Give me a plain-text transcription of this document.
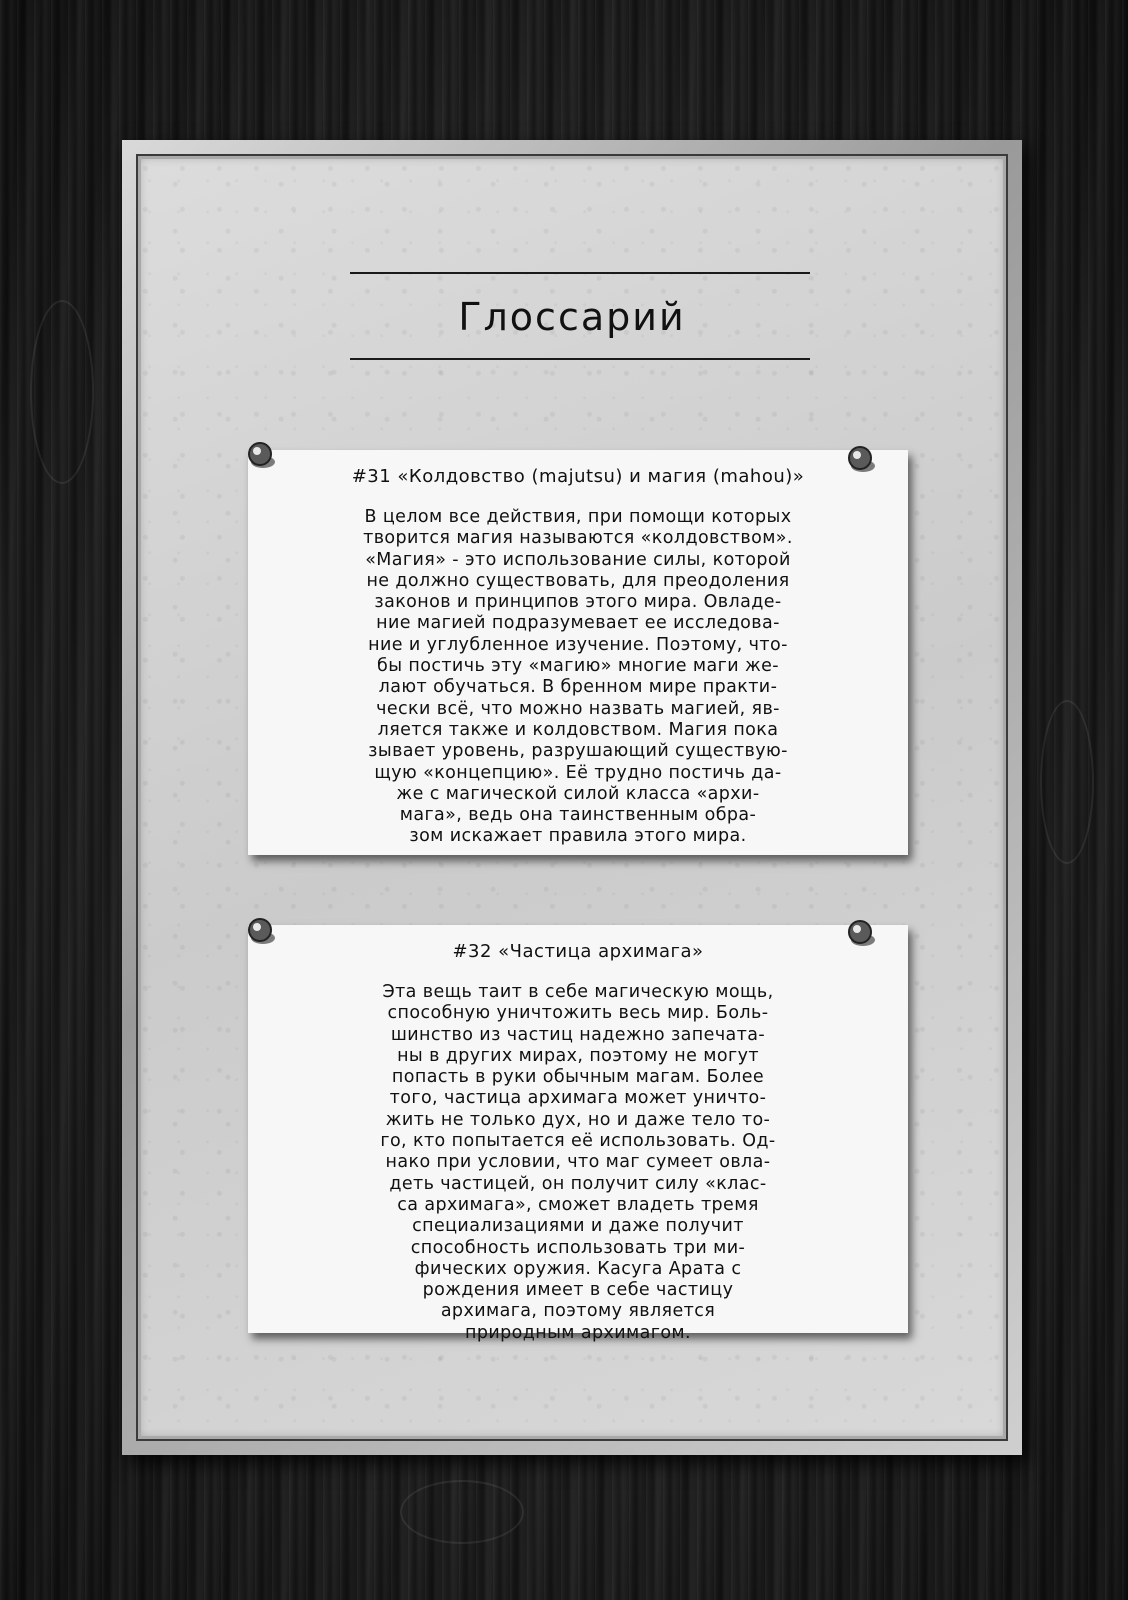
Глоссарий
#31 «Колдовство (majutsu) и магия (mahou)»
В целом все действия, при помощи которых
творится магия называются «колдовством».
«Магия» - это использование силы, которой
не должно существовать, для преодоления
законов и принципов этого мира. Овладе-
ние магией подразумевает ее исследова-
ние и углубленное изучение. Поэтому, что-
бы постичь эту «магию» многие маги же-
лают обучаться. В бренном мире практи-
чески всё, что можно назвать магией, яв-
ляется также и колдовством. Магия пока
зывает уровень, разрушающий существую-
щую «концепцию». Её трудно постичь да-
же с магической силой класса «архи-
мага», ведь она таинственным обра-
зом искажает правила этого мира.
#32 «Частица архимага»
Эта вещь таит в себе магическую мощь,
способную уничтожить весь мир. Боль-
шинство из частиц надежно запечата-
ны в других мирах, поэтому не могут
попасть в руки обычным магам. Более
того, частица архимага может уничто-
жить не только дух, но и даже тело то-
го, кто попытается её использовать. Од-
нако при условии, что маг сумеет овла-
деть частицей, он получит силу «клас-
са архимага», сможет владеть тремя
специализациями и даже получит
способность использовать три ми-
фических оружия. Касуга Арата с
рождения имеет в себе частицу
архимага, поэтому является
природным архимагом.
